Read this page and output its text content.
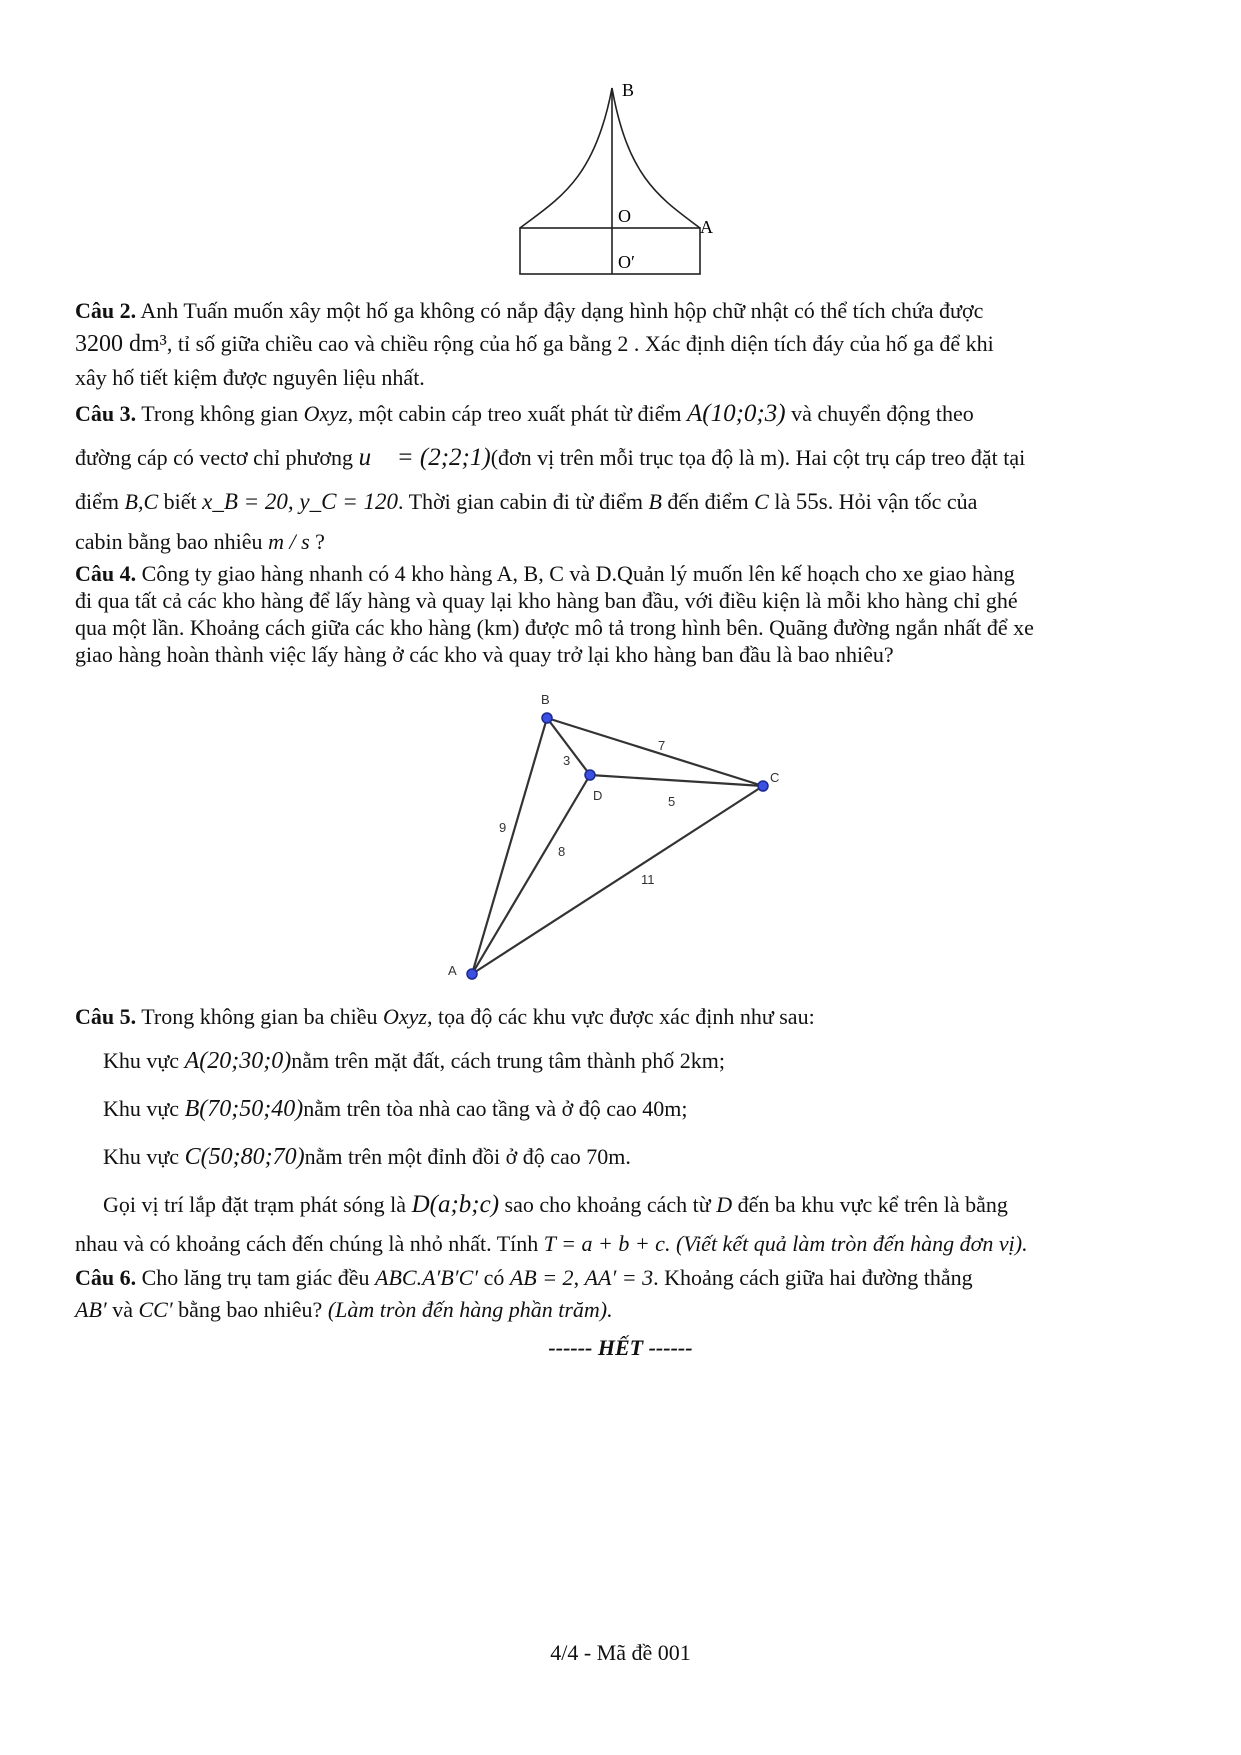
B
O
A
O′
Câu 2. Anh Tuấn muốn xây một hố ga không có nắp đậy dạng hình hộp chữ nhật có thể tích chứa được
3200 dm³, tỉ số giữa chiều cao và chiều rộng của hố ga bằng 2 . Xác định diện tích đáy của hố ga để khi
xây hố tiết kiệm được nguyên liệu nhất.
Câu 3. Trong không gian Oxyz, một cabin cáp treo xuất phát từ điểm A(10;0;3) và chuyển động theo
đường cáp có vectơ chỉ phương u⃗ = (2;2;1)(đơn vị trên mỗi trục tọa độ là m). Hai cột trụ cáp treo đặt tại
điểm B,C biết x_B = 20, y_C = 120. Thời gian cabin đi từ điểm B đến điểm C là 55s. Hỏi vận tốc của
cabin bằng bao nhiêu m / s ?
Câu 4. Công ty giao hàng nhanh có 4 kho hàng A, B, C và D.Quản lý muốn lên kế hoạch cho xe giao hàng
đi qua tất cả các kho hàng để lấy hàng và quay lại kho hàng ban đầu, với điều kiện là mỗi kho hàng chỉ ghé
qua một lần. Khoảng cách giữa các kho hàng (km) được mô tả trong hình bên. Quãng đường ngắn nhất để xe
giao hàng hoàn thành việc lấy hàng ở các kho và quay trở lại kho hàng ban đầu là bao nhiêu?
B
D
C
A
7
3
5
9
8
11
Câu 5. Trong không gian ba chiều Oxyz, tọa độ các khu vực được xác định như sau:
Khu vực A(20;30;0)nằm trên mặt đất, cách trung tâm thành phố 2km;
Khu vực B(70;50;40)nằm trên tòa nhà cao tầng và ở độ cao 40m;
Khu vực C(50;80;70)nằm trên một đỉnh đồi ở độ cao 70m.
Gọi vị trí lắp đặt trạm phát sóng là D(a;b;c) sao cho khoảng cách từ D đến ba khu vực kể trên là bằng
nhau và có khoảng cách đến chúng là nhỏ nhất. Tính T = a + b + c. (Viết kết quả làm tròn đến hàng đơn vị).
Câu 6. Cho lăng trụ tam giác đều ABC.A′B′C′ có AB = 2, AA′ = 3. Khoảng cách giữa hai đường thẳng
AB′ và CC′ bằng bao nhiêu? (Làm tròn đến hàng phần trăm).
------ HẾT ------
4/4 - Mã đề 001
